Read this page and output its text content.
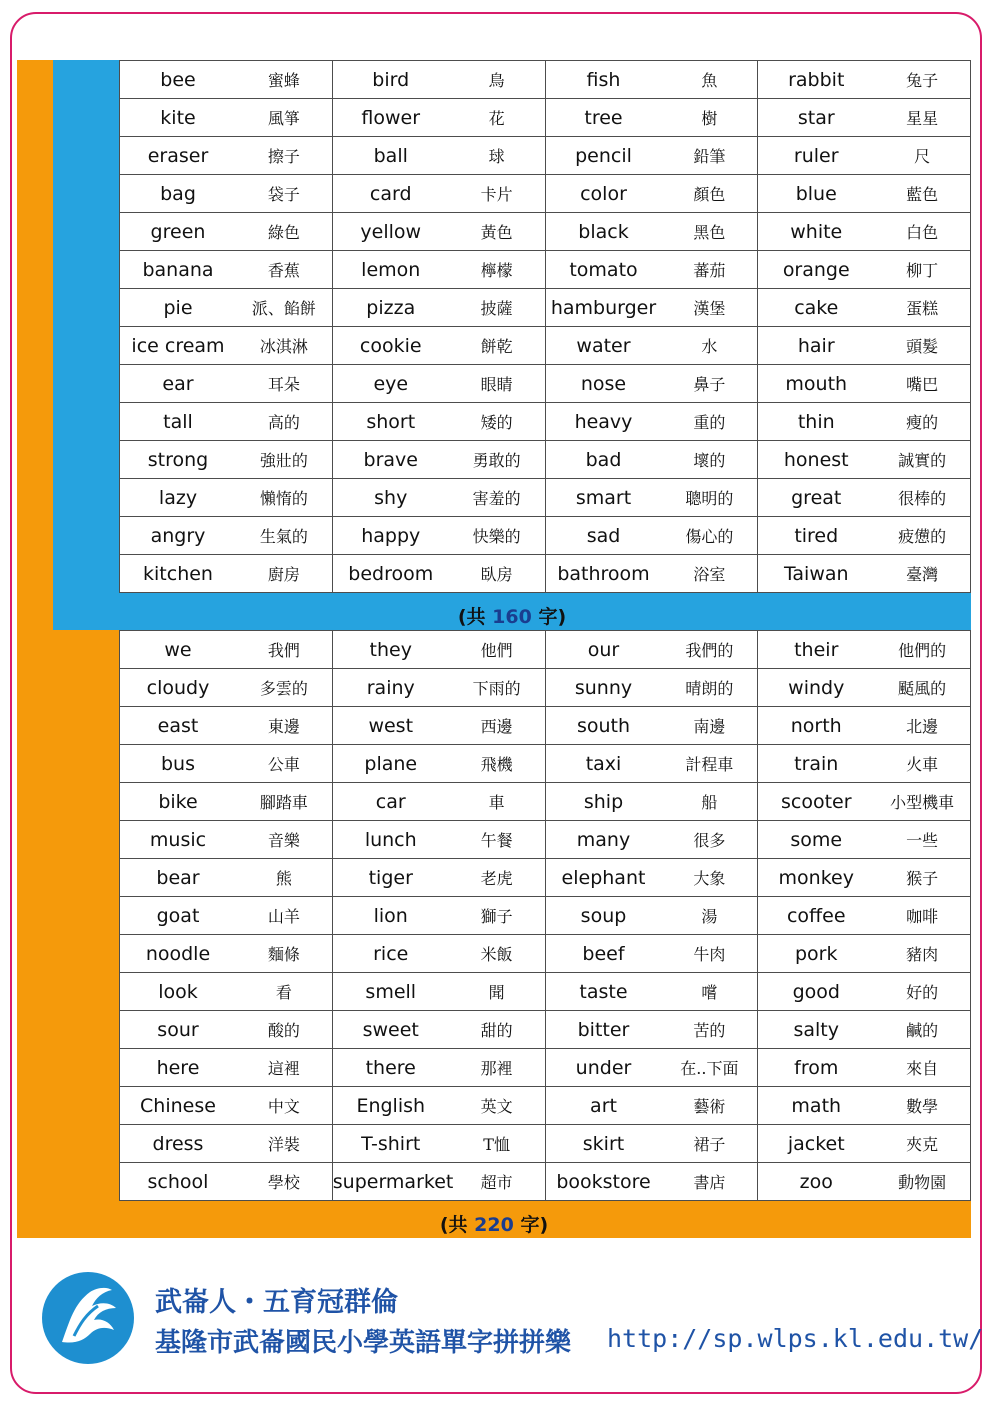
bee 蜜蜂	bird 鳥	fish 魚	rabbit 兔子

kite 風箏	flower 花	tree 樹	star 星星

eraser 擦子	ball 球	pencil 鉛筆	ruler 尺

bag 袋子	card 卡片	color 顏色	blue 藍色

green 綠色	yellow 黃色	black 黑色	white 白色

banana 香蕉	lemon 檸檬	tomato 蕃茄	orange 柳丁

pie 派、餡餅	pizza 披薩	hamburger 漢堡	cake 蛋糕

ice cream 冰淇淋	cookie 餅乾	water 水	hair 頭髮

ear 耳朵	eye 眼睛	nose 鼻子	mouth 嘴巴

tall 高的	short 矮的	heavy 重的	thin 瘦的

strong 強壯的	brave 勇敢的	bad 壞的	honest 誠實的

lazy 懶惰的	shy 害羞的	smart 聰明的	great 很棒的

angry 生氣的	happy 快樂的	sad 傷心的	tired 疲憊的

kitchen 廚房	bedroom 臥房	bathroom 浴室	Taiwan 臺灣
(共 160 字)
we 我們	they 他們	our 我們的	their 他們的

cloudy 多雲的	rainy 下雨的	sunny 晴朗的	windy 颳風的

east 東邊	west 西邊	south 南邊	north 北邊

bus 公車	plane 飛機	taxi 計程車	train 火車

bike 腳踏車	car 車	ship 船	scooter 小型機車

music 音樂	lunch 午餐	many 很多	some 一些

bear 熊	tiger 老虎	elephant 大象	monkey 猴子

goat 山羊	lion 獅子	soup 湯	coffee 咖啡

noodle 麵條	rice 米飯	beef 牛肉	pork 豬肉

look 看	smell 聞	taste 嚐	good 好的

sour 酸的	sweet 甜的	bitter 苦的	salty 鹹的

here 這裡	there 那裡	under 在..下面	from 來自

Chinese 中文	English 英文	art 藝術	math 數學

dress 洋裝	T-shirt T恤	skirt 裙子	jacket 夾克

school 學校	supermarket 超市	bookstore 書店	zoo 動物園
(共 220 字)
武崙人・五育冠群倫
基隆市武崙國民小學英語單字拼拼樂 http://sp.wlps.kl.edu.tw/
